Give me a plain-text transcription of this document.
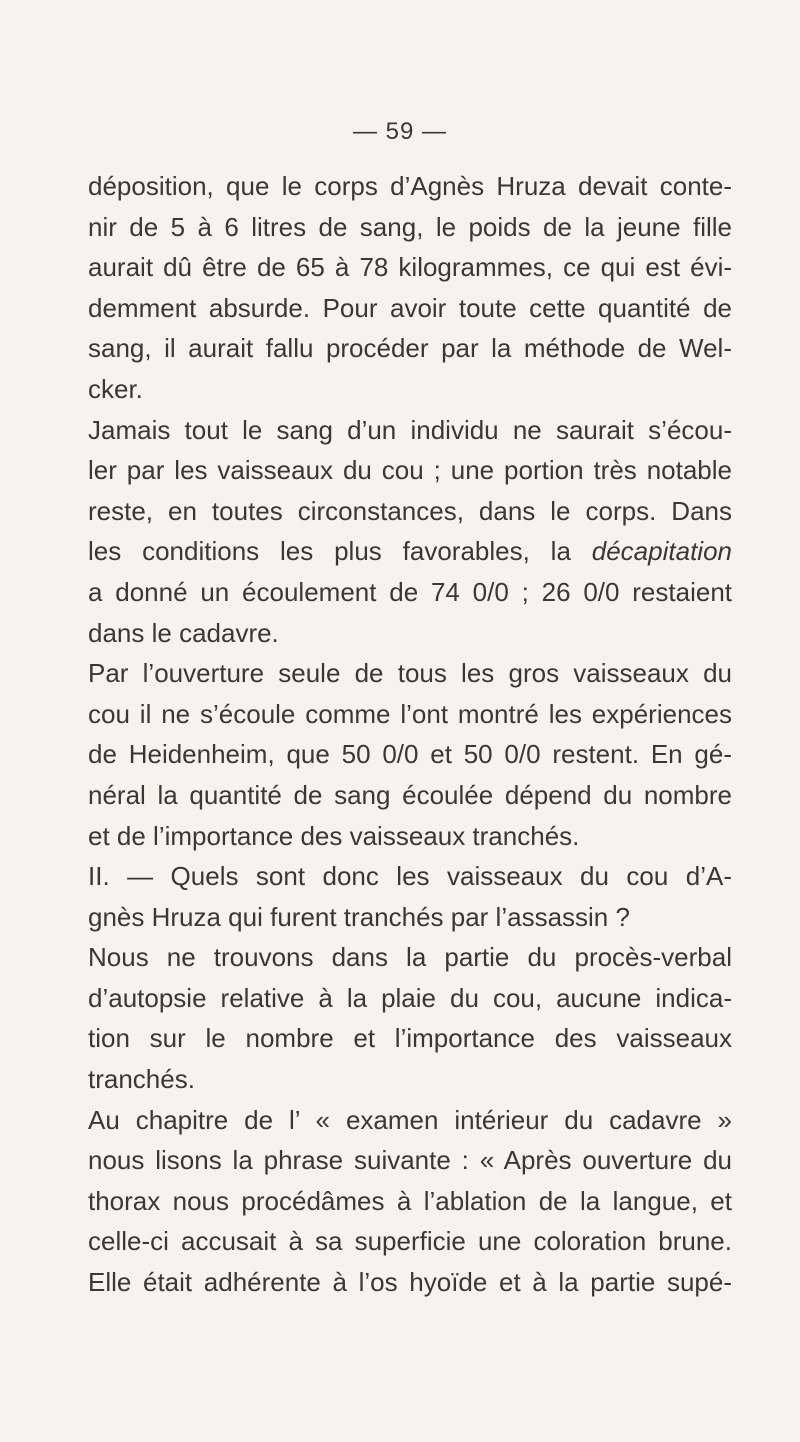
— 59 —
déposition, que le corps d’Agnès Hruza devait conte-
nir de 5 à 6 litres de sang, le poids de la jeune fille
aurait dû être de 65 à 78 kilogrammes, ce qui est évi-
demment absurde. Pour avoir toute cette quantité de
sang, il aurait fallu procéder par la méthode de Wel-
cker.
Jamais tout le sang d’un individu ne saurait s’écou-
ler par les vaisseaux du cou ; une portion très notable
reste, en toutes circonstances, dans le corps. Dans
les conditions les plus favorables, la décapitation
a donné un écoulement de 74 0/0 ; 26 0/0 restaient
dans le cadavre.
Par l’ouverture seule de tous les gros vaisseaux du
cou il ne s’écoule comme l’ont montré les expériences
de Heidenheim, que 50 0/0 et 50 0/0 restent. En gé-
néral la quantité de sang écoulée dépend du nombre
et de l’importance des vaisseaux tranchés.
II. — Quels sont donc les vaisseaux du cou d’A-
gnès Hruza qui furent tranchés par l’assassin ?
Nous ne trouvons dans la partie du procès-verbal
d’autopsie relative à la plaie du cou, aucune indica-
tion sur le nombre et l’importance des vaisseaux
tranchés.
Au chapitre de l’ « examen intérieur du cadavre »
nous lisons la phrase suivante : « Après ouverture du
thorax nous procédâmes à l’ablation de la langue, et
celle-ci accusait à sa superficie une coloration brune.
Elle était adhérente à l’os hyoïde et à la partie supé-
